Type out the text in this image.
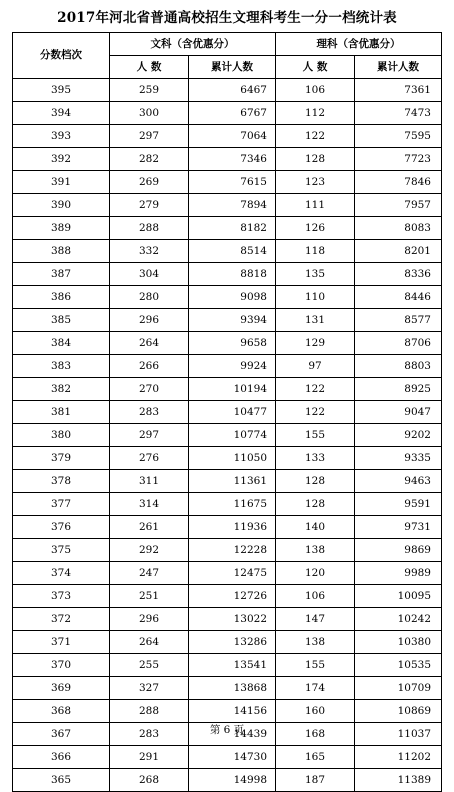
2017年河北省普通高校招生文理科考生一分一档统计表
分数档次	文科（含优惠分）		理科（含优惠分）	
	人 数	累计人数	人 数	累计人数
395	259	6467	106	7361
394	300	6767	112	7473
393	297	7064	122	7595
392	282	7346	128	7723
391	269	7615	123	7846
390	279	7894	111	7957
389	288	8182	126	8083
388	332	8514	118	8201
387	304	8818	135	8336
386	280	9098	110	8446
385	296	9394	131	8577
384	264	9658	129	8706
383	266	9924	97	8803
382	270	10194	122	8925
381	283	10477	122	9047
380	297	10774	155	9202
379	276	11050	133	9335
378	311	11361	128	9463
377	314	11675	128	9591
376	261	11936	140	9731
375	292	12228	138	9869
374	247	12475	120	9989
373	251	12726	106	10095
372	296	13022	147	10242
371	264	13286	138	10380
370	255	13541	155	10535
369	327	13868	174	10709
368	288	14156	160	10869
367	283	14439	168	11037
366	291	14730	165	11202
365	268	14998	187	11389
第 6 页
